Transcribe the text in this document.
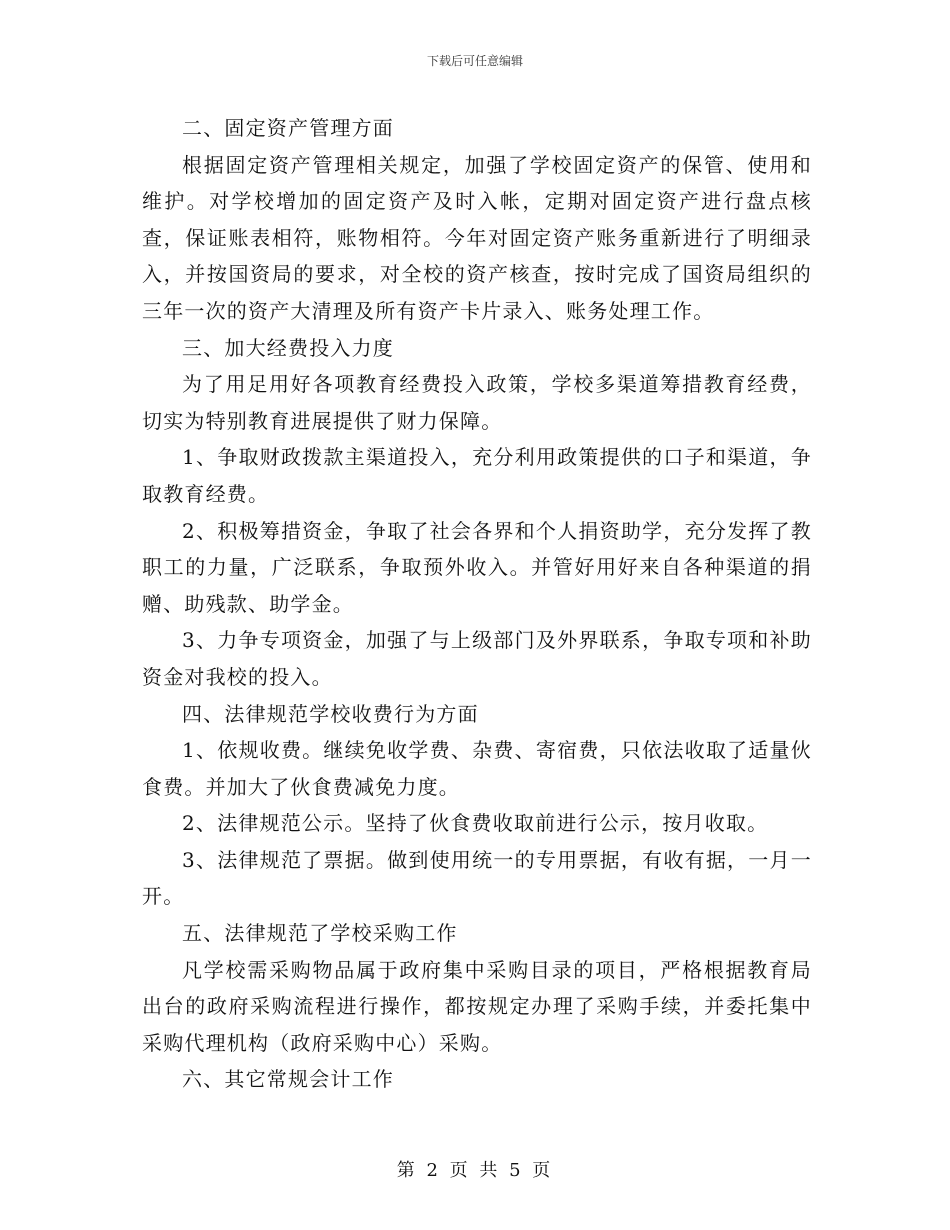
下载后可任意编辑

二、固定资产管理方面

根据固定资产管理相关规定，加强了学校固定资产的保管、使用和维护。对学校增加的固定资产及时入帐，定期对固定资产进行盘点核查，保证账表相符，账物相符。今年对固定资产账务重新进行了明细录入，并按国资局的要求，对全校的资产核查，按时完成了国资局组织的三年一次的资产大清理及所有资产卡片录入、账务处理工作。

三、加大经费投入力度

为了用足用好各项教育经费投入政策，学校多渠道筹措教育经费，切实为特别教育进展提供了财力保障。

1、争取财政拨款主渠道投入，充分利用政策提供的口子和渠道，争取教育经费。

2、积极筹措资金，争取了社会各界和个人捐资助学，充分发挥了教职工的力量，广泛联系，争取预外收入。并管好用好来自各种渠道的捐赠、助残款、助学金。

3、力争专项资金，加强了与上级部门及外界联系，争取专项和补助资金对我校的投入。

四、法律规范学校收费行为方面

1、依规收费。继续免收学费、杂费、寄宿费，只依法收取了适量伙食费。并加大了伙食费减免力度。

2、法律规范公示。坚持了伙食费收取前进行公示，按月收取。

3、法律规范了票据。做到使用统一的专用票据，有收有据，一月一开。

五、法律规范了学校采购工作

凡学校需采购物品属于政府集中采购目录的项目，严格根据教育局出台的政府采购流程进行操作，都按规定办理了采购手续，并委托集中采购代理机构（政府采购中心）采购。

六、其它常规会计工作

第 2 页 共 5 页
